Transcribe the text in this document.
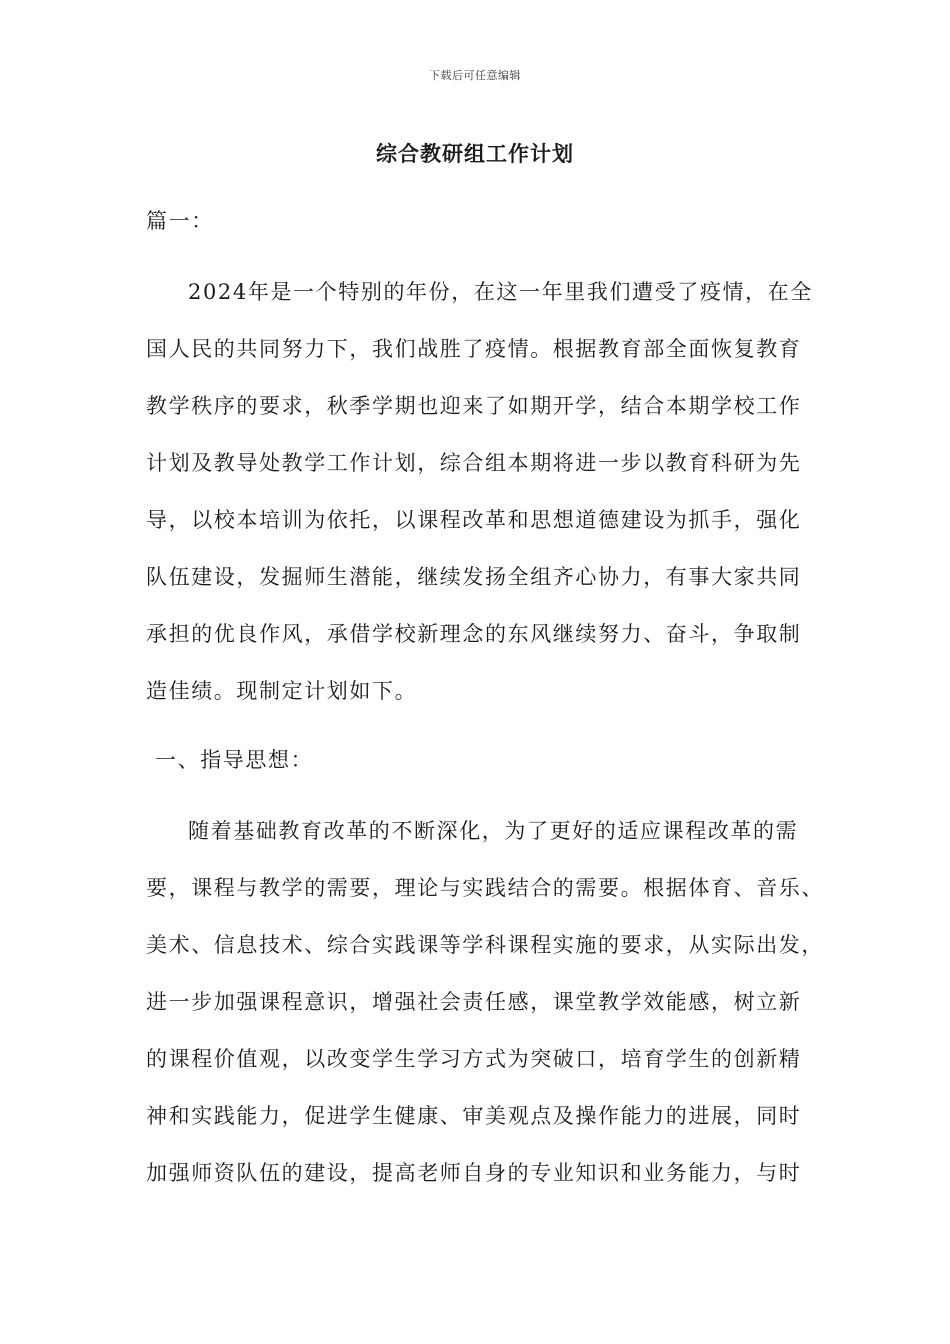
下载后可任意编辑
综合教研组工作计划

篇一：

2024年是一个特别的年份，在这一年里我们遭受了疫情，在全

国人民的共同努力下，我们战胜了疫情。根据教育部全面恢复教育

教学秩序的要求，秋季学期也迎来了如期开学，结合本期学校工作

计划及教导处教学工作计划，综合组本期将进一步以教育科研为先

导，以校本培训为依托，以课程改革和思想道德建设为抓手，强化

队伍建设，发掘师生潜能，继续发扬全组齐心协力，有事大家共同

承担的优良作风，承借学校新理念的东风继续努力、奋斗，争取制

造佳绩。现制定计划如下。

一、指导思想：

随着基础教育改革的不断深化，为了更好的适应课程改革的需

要，课程与教学的需要，理论与实践结合的需要。根据体育、音乐、

美术、信息技术、综合实践课等学科课程实施的要求，从实际出发，

进一步加强课程意识，增强社会责任感，课堂教学效能感，树立新

的课程价值观，以改变学生学习方式为突破口，培育学生的创新精

神和实践能力，促进学生健康、审美观点及操作能力的进展，同时

加强师资队伍的建设，提高老师自身的专业知识和业务能力，与时
